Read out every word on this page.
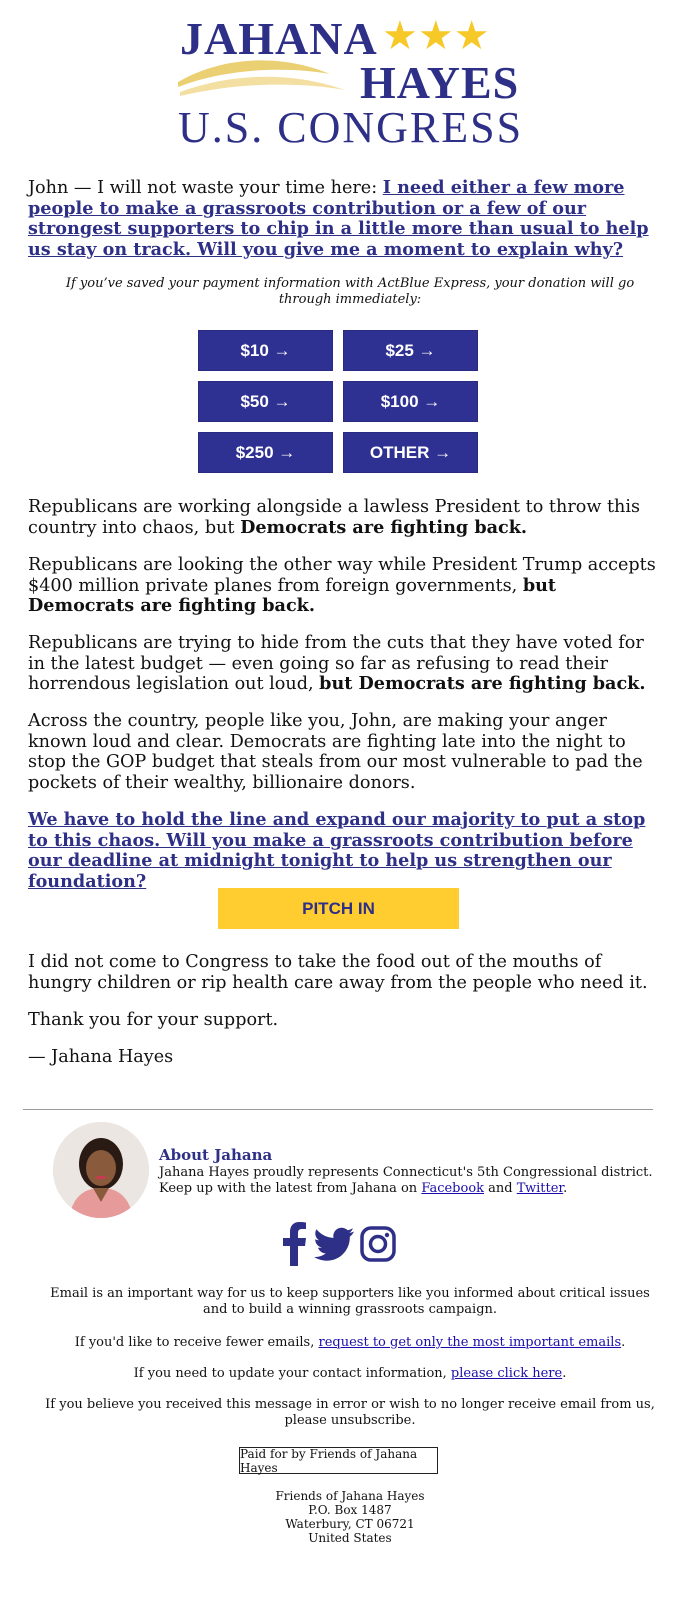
JAHANA ★★★
HAYES
U.S. CONGRESS

John — I will not waste your time here: I need either a few more people to make a grassroots contribution or a few of our strongest supporters to chip in a little more than usual to help us stay on track. Will you give me a moment to explain why?

If you’ve saved your payment information with ActBlue Express, your donation will go through immediately:
$10 →	$25 →
$50 →	$100 →
$250 →	OTHER →
Republicans are working alongside a lawless President to throw this country into chaos, but Democrats are fighting back.
Republicans are looking the other way while President Trump accepts $400 million private planes from foreign governments, but Democrats are fighting back.
Republicans are trying to hide from the cuts that they have voted for in the latest budget — even going so far as refusing to read their horrendous legislation out loud, but Democrats are fighting back.
Across the country, people like you, John, are making your anger known loud and clear. Democrats are fighting late into the night to stop the GOP budget that steals from our most vulnerable to pad the pockets of their wealthy, billionaire donors.
We have to hold the line and expand our majority to put a stop to this chaos. Will you make a grassroots contribution before our deadline at midnight tonight to help us strengthen our foundation?
PITCH IN
I did not come to Congress to take the food out of the mouths of hungry children or rip health care away from the people who need it.
Thank you for your support.
— Jahana Hayes
About Jahana
Jahana Hayes proudly represents Connecticut's 5th Congressional district.
Keep up with the latest from Jahana on Facebook and Twitter.
Email is an important way for us to keep supporters like you informed about critical issues and to build a winning grassroots campaign.
If you'd like to receive fewer emails, request to get only the most important emails.
If you need to update your contact information, please click here.
If you believe you received this message in error or wish to no longer receive email from us, please unsubscribe.
Paid for by Friends of Jahana Hayes
Friends of Jahana Hayes
P.O. Box 1487
Waterbury, CT 06721
United States
